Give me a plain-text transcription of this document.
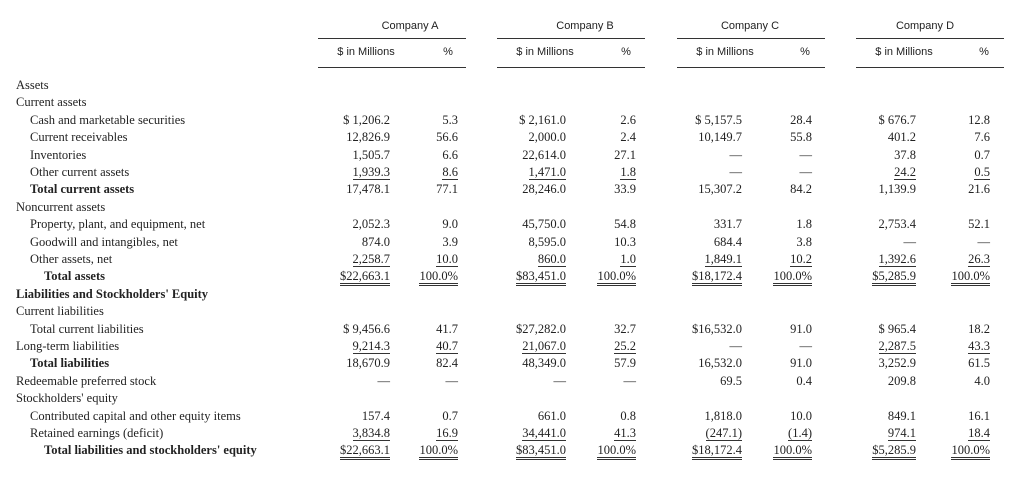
Company A	Company B	Company C	Company D
$ in Millions	%	$ in Millions	%	$ in Millions	%	$ in Millions	%
Assets
Current assets
Cash and marketable securities	$ 1,206.2	5.3	$ 2,161.0	2.6	$ 5,157.5	28.4	$ 676.7	12.8
Current receivables	12,826.9	56.6	2,000.0	2.4	10,149.7	55.8	401.2	7.6
Inventories	1,505.7	6.6	22,614.0	27.1	—	—	37.8	0.7
Other current assets	1,939.3	8.6	1,471.0	1.8	—	—	24.2	0.5
Total current assets	17,478.1	77.1	28,246.0	33.9	15,307.2	84.2	1,139.9	21.6
Noncurrent assets
Property, plant, and equipment, net	2,052.3	9.0	45,750.0	54.8	331.7	1.8	2,753.4	52.1
Goodwill and intangibles, net	874.0	3.9	8,595.0	10.3	684.4	3.8	—	—
Other assets, net	2,258.7	10.0	860.0	1.0	1,849.1	10.2	1,392.6	26.3
Total assets	$22,663.1	100.0%	$83,451.0	100.0%	$18,172.4	100.0%	$5,285.9	100.0%
Liabilities and Stockholders' Equity
Current liabilities
Total current liabilities	$ 9,456.6	41.7	$27,282.0	32.7	$16,532.0	91.0	$ 965.4	18.2
Long-term liabilities	9,214.3	40.7	21,067.0	25.2	—	—	2,287.5	43.3
Total liabilities	18,670.9	82.4	48,349.0	57.9	16,532.0	91.0	3,252.9	61.5
Redeemable preferred stock	—	—	—	—	69.5	0.4	209.8	4.0
Stockholders' equity
Contributed capital and other equity items	157.4	0.7	661.0	0.8	1,818.0	10.0	849.1	16.1
Retained earnings (deficit)	3,834.8	16.9	34,441.0	41.3	(247.1)	(1.4)	974.1	18.4
Total liabilities and stockholders' equity	$22,663.1	100.0%	$83,451.0	100.0%	$18,172.4	100.0%	$5,285.9	100.0%
